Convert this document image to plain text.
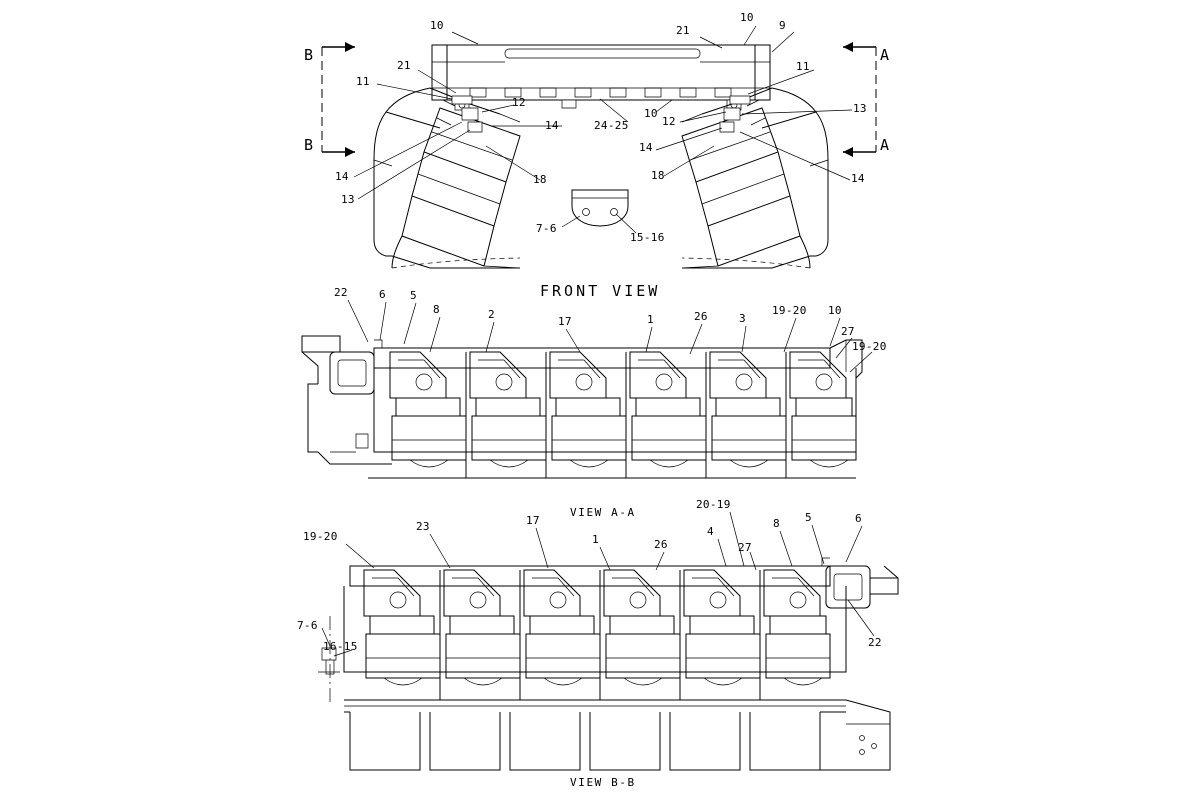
B
B
A
A
FRONT VIEW
VIEW A-A
VIEW B-B
10	21
10
9
11
21
12
11
13
10
12
24-25
14
14
14
18	18
14
13
7-6
15-16
22	6 5
8	2
17	1	26	3
19-20 10
27
19-20
19-20
23	17
1	26
20-19
4
8 5	6
27
22
7-6
16-15
